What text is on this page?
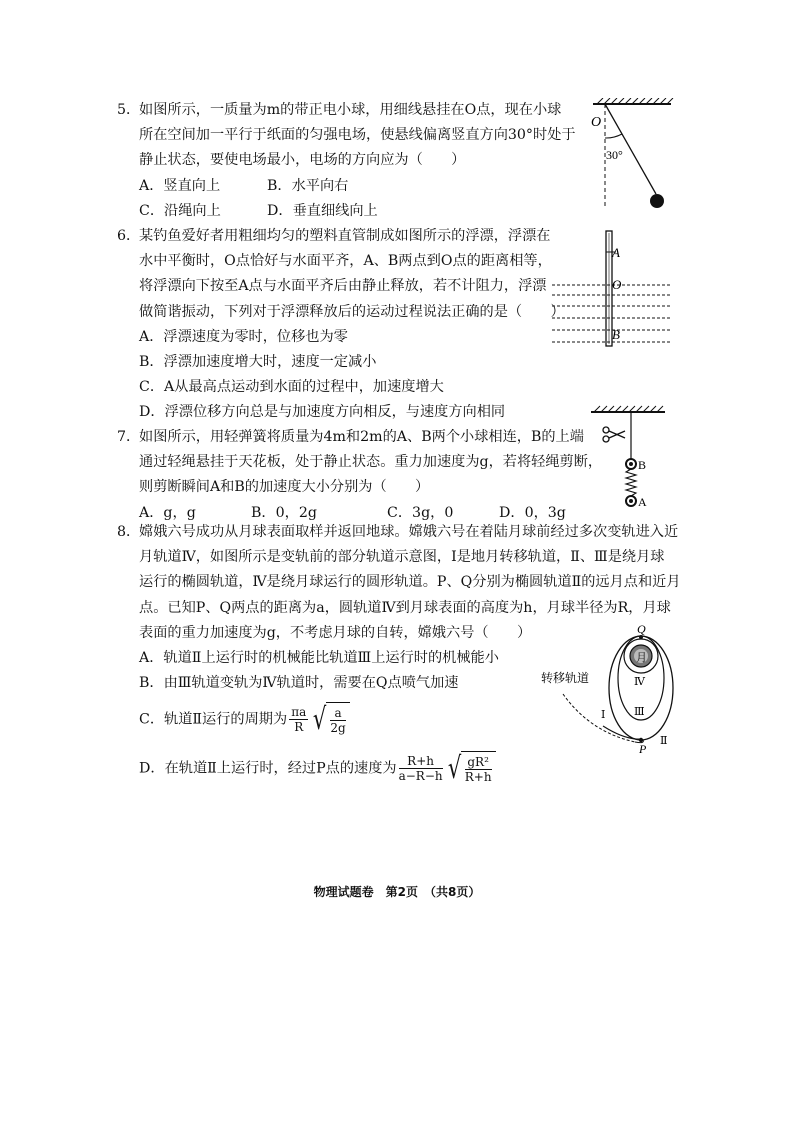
5．如图所示，一质量为m的带正电小球，用细线悬挂在O点，现在小球

所在空间加一平行于纸面的匀强电场，使悬线偏离竖直方向30°时处于

静止状态，要使电场最小，电场的方向应为（　　）

A．竖直向上	B．水平向右

C．沿绳向上	D．垂直细线向上

O
30°

6．某钓鱼爱好者用粗细均匀的塑料直管制成如图所示的浮漂，浮漂在

水中平衡时，O点恰好与水面平齐，A、B两点到O点的距离相等，

将浮漂向下按至A点与水面平齐后由静止释放，若不计阻力，浮漂

做简谐振动，下列对于浮漂释放后的运动过程说法正确的是（　　）

A．浮漂速度为零时，位移也为零

B．浮漂加速度增大时，速度一定减小

C．A从最高点运动到水面的过程中，加速度增大

D．浮漂位移方向总是与加速度方向相反，与速度方向相同

A
O
B

7．如图所示，用轻弹簧将质量为4m和2m的A、B两个小球相连，B的上端

通过轻绳悬挂于天花板，处于静止状态。重力加速度为g，若将轻绳剪断，

则剪断瞬间A和B的加速度大小分别为（　　）

A．g，g	B．0，2g	C．3g，0	D．0，3g

B
A

8．嫦娥六号成功从月球表面取样并返回地球。嫦娥六号在着陆月球前经过多次变轨进入近

月轨道Ⅳ，如图所示是变轨前的部分轨道示意图，Ⅰ是地月转移轨道，Ⅱ、Ⅲ是绕月球

运行的椭圆轨道，Ⅳ是绕月球运行的圆形轨道。P、Q分别为椭圆轨道Ⅱ的远月点和近月

点。已知P、Q两点的距离为a，圆轨道Ⅳ到月球表面的高度为h，月球半径为R，月球

表面的重力加速度为g，不考虑月球的自转，嫦娥六号（　　）

A．轨道Ⅱ上运行时的机械能比轨道Ⅲ上运行时的机械能小

B．由Ⅲ轨道变轨为Ⅳ轨道时，需要在Q点喷气加速

C．轨道Ⅱ运行的周期为 $\frac{\pi a}{R}$ √ $\frac{a}{2g}$

D．在轨道Ⅱ上运行时，经过P点的速度为 $\frac{R+h}{a-R-h}$ √ $\frac{\text{gR²}}{R+h}$

月
Q
P
Ⅳ
Ⅲ
Ⅰ
Ⅱ
转移轨道
物理试题卷　第2页　（共8页）
